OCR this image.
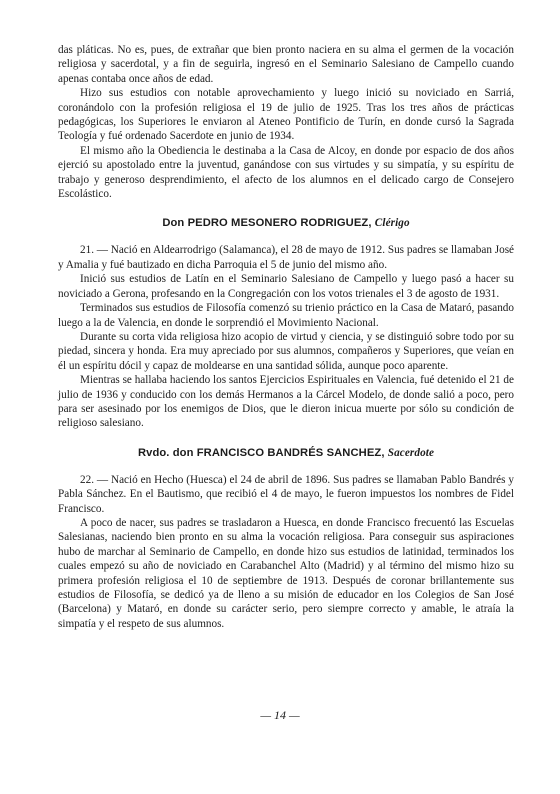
das pláticas. No es, pues, de extrañar que bien pronto naciera en su alma el germen de la vocación religiosa y sacerdotal, y a fin de seguirla, ingresó en el Seminario Salesiano de Campello cuando apenas contaba once años de edad.

Hizo sus estudios con notable aprovechamiento y luego inició su noviciado en Sarriá, coronándolo con la profesión religiosa el 19 de julio de 1925. Tras los tres años de prácticas pedagógicas, los Superiores le enviaron al Ateneo Pontificio de Turín, en donde cursó la Sagrada Teología y fué ordenado Sacerdote en junio de 1934.

El mismo año la Obediencia le destinaba a la Casa de Alcoy, en donde por espacio de dos años ejerció su apostolado entre la juventud, ganándose con sus virtudes y su simpatía, y su espíritu de trabajo y generoso desprendimiento, el afecto de los alumnos en el delicado cargo de Consejero Escolástico.

Don PEDRO MESONERO RODRIGUEZ, Clérigo

21. — Nació en Aldearrodrigo (Salamanca), el 28 de mayo de 1912. Sus padres se llamaban José y Amalia y fué bautizado en dicha Parroquia el 5 de junio del mismo año.

Inició sus estudios de Latín en el Seminario Salesiano de Campello y luego pasó a hacer su noviciado a Gerona, profesando en la Congregación con los votos trienales el 3 de agosto de 1931.

Terminados sus estudios de Filosofía comenzó su trienio práctico en la Casa de Mataró, pasando luego a la de Valencia, en donde le sorprendió el Movimiento Nacional.

Durante su corta vida religiosa hizo acopio de virtud y ciencia, y se distinguió sobre todo por su piedad, sincera y honda. Era muy apreciado por sus alumnos, compañeros y Superiores, que veían en él un espíritu dócil y capaz de moldearse en una santidad sólida, aunque poco aparente.

Mientras se hallaba haciendo los santos Ejercicios Espirituales en Valencia, fué detenido el 21 de julio de 1936 y conducido con los demás Hermanos a la Cárcel Modelo, de donde salió a poco, pero para ser asesinado por los enemigos de Dios, que le dieron inicua muerte por sólo su condición de religioso salesiano.

Rvdo. don FRANCISCO BANDRÉS SANCHEZ, Sacerdote

22. — Nació en Hecho (Huesca) el 24 de abril de 1896. Sus padres se llamaban Pablo Bandrés y Pabla Sánchez. En el Bautismo, que recibió el 4 de mayo, le fueron impuestos los nombres de Fidel Francisco.

A poco de nacer, sus padres se trasladaron a Huesca, en donde Francisco frecuentó las Escuelas Salesianas, naciendo bien pronto en su alma la vocación religiosa. Para conseguir sus aspiraciones hubo de marchar al Seminario de Campello, en donde hizo sus estudios de latinidad, terminados los cuales empezó su año de noviciado en Carabanchel Alto (Madrid) y al término del mismo hizo su primera profesión religiosa el 10 de septiembre de 1913. Después de coronar brillantemente sus estudios de Filosofía, se dedicó ya de lleno a su misión de educador en los Colegios de San José (Barcelona) y Mataró, en donde su carácter serio, pero siempre correcto y amable, le atraía la simpatía y el respeto de sus alumnos.

— 14 —
